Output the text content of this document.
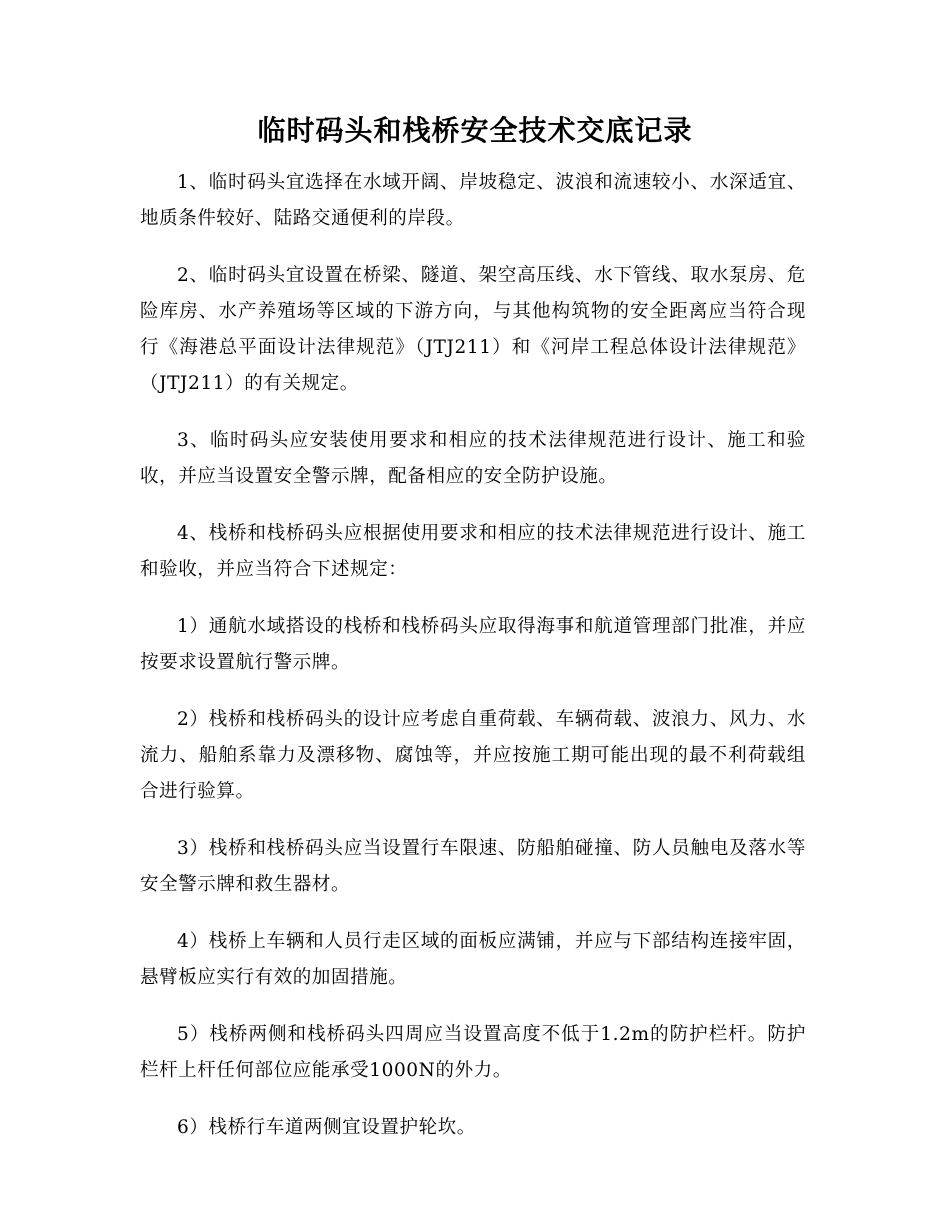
临时码头和栈桥安全技术交底记录

1、临时码头宜选择在水域开阔、岸坡稳定、波浪和流速较小、水深适宜、地质条件较好、陆路交通便利的岸段。

2、临时码头宜设置在桥梁、隧道、架空高压线、水下管线、取水泵房、危险库房、水产养殖场等区域的下游方向，与其他构筑物的安全距离应当符合现行《海港总平面设计法律规范》（JTJ211）和《河岸工程总体设计法律规范》（JTJ211）的有关规定。

3、临时码头应安装使用要求和相应的技术法律规范进行设计、施工和验收，并应当设置安全警示牌，配备相应的安全防护设施。

4、栈桥和栈桥码头应根据使用要求和相应的技术法律规范进行设计、施工和验收，并应当符合下述规定：

1）通航水域搭设的栈桥和栈桥码头应取得海事和航道管理部门批准，并应按要求设置航行警示牌。

2）栈桥和栈桥码头的设计应考虑自重荷载、车辆荷载、波浪力、风力、水流力、船舶系靠力及漂移物、腐蚀等，并应按施工期可能出现的最不利荷载组合进行验算。

3）栈桥和栈桥码头应当设置行车限速、防船舶碰撞、防人员触电及落水等安全警示牌和救生器材。

4）栈桥上车辆和人员行走区域的面板应满铺，并应与下部结构连接牢固，悬臂板应实行有效的加固措施。

5）栈桥两侧和栈桥码头四周应当设置高度不低于1.2m的防护栏杆。防护栏杆上杆任何部位应能承受1000N的外力。

6）栈桥行车道两侧宜设置护轮坎。
